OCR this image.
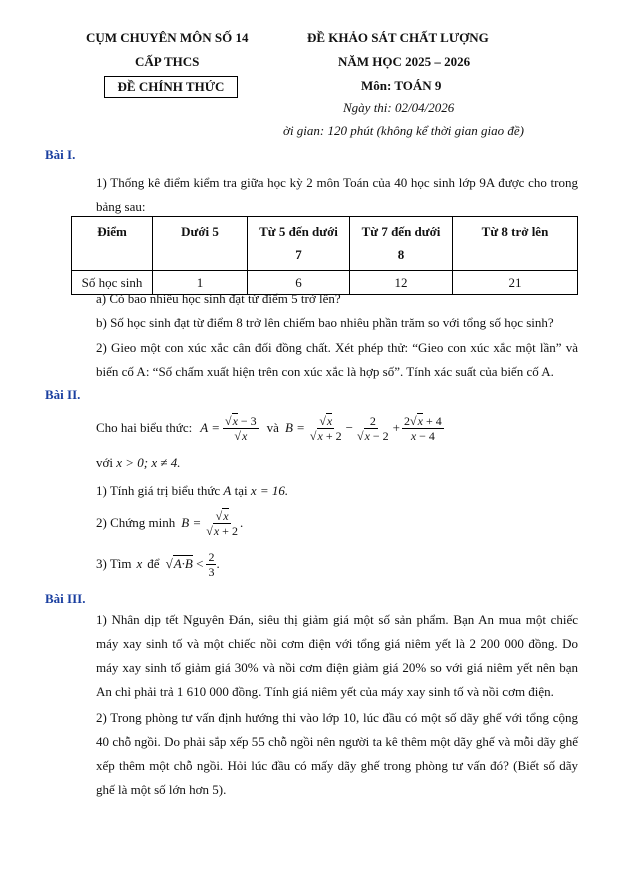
CỤM CHUYÊN MÔN SỐ 14
CẤP THCS
ĐỀ CHÍNH THỨC
ĐỀ KHẢO SÁT CHẤT LƯỢNG
NĂM HỌC 2025 – 2026
Môn: TOÁN 9
Ngày thi: 02/04/2026
ời gian: 120 phút (không kể thời gian giao đề)
Bài I.
1) Thống kê điểm kiểm tra giữa học kỳ 2 môn Toán của 40 học sinh lớp 9A được cho trong bảng sau:
Điểm	Dưới 5	Từ 5 đến dưới 7	Từ 7 đến dưới 8	Từ 8 trở lên
Số học sinh	1	6	12	21
a) Có bao nhiêu học sinh đạt từ điểm 5 trở lên?
b) Số học sinh đạt từ điểm 8 trở lên chiếm bao nhiêu phần trăm so với tổng số học sinh?
2) Gieo một con xúc xắc cân đối đồng chất. Xét phép thử: “Gieo con xúc xắc một lần” và biến cố A: “Số chấm xuất hiện trên con xúc xắc là hợp số”. Tính xác suất của biến cố A.
Bài II.
Cho hai biểu thức: $A = \frac{√x - 3}{√x}$ và $B = \frac{√x}{√x + 2} - \frac{2}{√x - 2} + \frac{2√x + 4}{x - 4}$
với x > 0; x ≠ 4.
1) Tính giá trị biểu thức A tại x = 16.
2) Chứng minh $B = \frac{√x}{√x + 2}$ .
3) Tìm x để $√A\cdot B < \frac{2}{3}$ .
Bài III.
1) Nhân dịp tết Nguyên Đán, siêu thị giảm giá một số sản phẩm. Bạn An mua một chiếc máy xay sinh tố và một chiếc nồi cơm điện với tổng giá niêm yết là 2 200 000 đồng. Do máy xay sinh tố giảm giá 30% và nồi cơm điện giảm giá 20% so với giá niêm yết nên bạn An chỉ phải trả 1 610 000 đồng. Tính giá niêm yết của máy xay sinh tố và nồi cơm điện.
2) Trong phòng tư vấn định hướng thi vào lớp 10, lúc đầu có một số dãy ghế với tổng cộng 40 chỗ ngồi. Do phải sắp xếp 55 chỗ ngồi nên người ta kê thêm một dãy ghế và mỗi dãy ghế xếp thêm một chỗ ngồi. Hỏi lúc đầu có mấy dãy ghế trong phòng tư vấn đó? (Biết số dãy ghế là một số lớn hơn 5).
